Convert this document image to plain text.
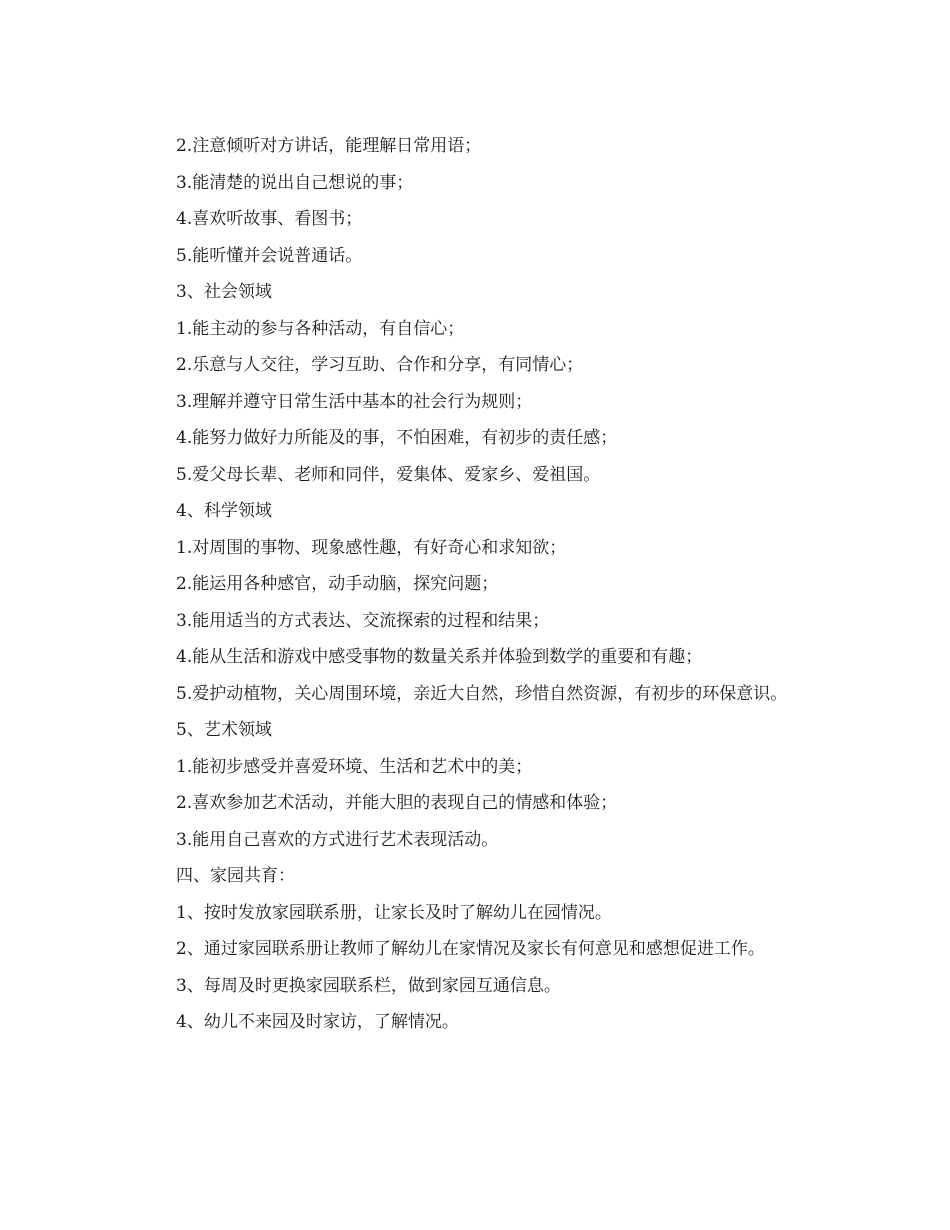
2.注意倾听对方讲话，能理解日常用语；

3.能清楚的说出自己想说的事；

4.喜欢听故事、看图书；

5.能听懂并会说普通话。

3、社会领域

1.能主动的参与各种活动，有自信心；

2.乐意与人交往，学习互助、合作和分享，有同情心；

3.理解并遵守日常生活中基本的社会行为规则；

4.能努力做好力所能及的事，不怕困难，有初步的责任感；

5.爱父母长辈、老师和同伴，爱集体、爱家乡、爱祖国。

4、科学领域

1.对周围的事物、现象感性趣，有好奇心和求知欲；

2.能运用各种感官，动手动脑，探究问题；

3.能用适当的方式表达、交流探索的过程和结果；

4.能从生活和游戏中感受事物的数量关系并体验到数学的重要和有趣；

5.爱护动植物，关心周围环境，亲近大自然，珍惜自然资源，有初步的环保意识。

5、艺术领域

1.能初步感受并喜爱环境、生活和艺术中的美；

2.喜欢参加艺术活动，并能大胆的表现自己的情感和体验；

3.能用自己喜欢的方式进行艺术表现活动。

四、家园共育：

1、按时发放家园联系册，让家长及时了解幼儿在园情况。

2、通过家园联系册让教师了解幼儿在家情况及家长有何意见和感想促进工作。

3、每周及时更换家园联系栏，做到家园互通信息。

4、幼儿不来园及时家访，了解情况。
